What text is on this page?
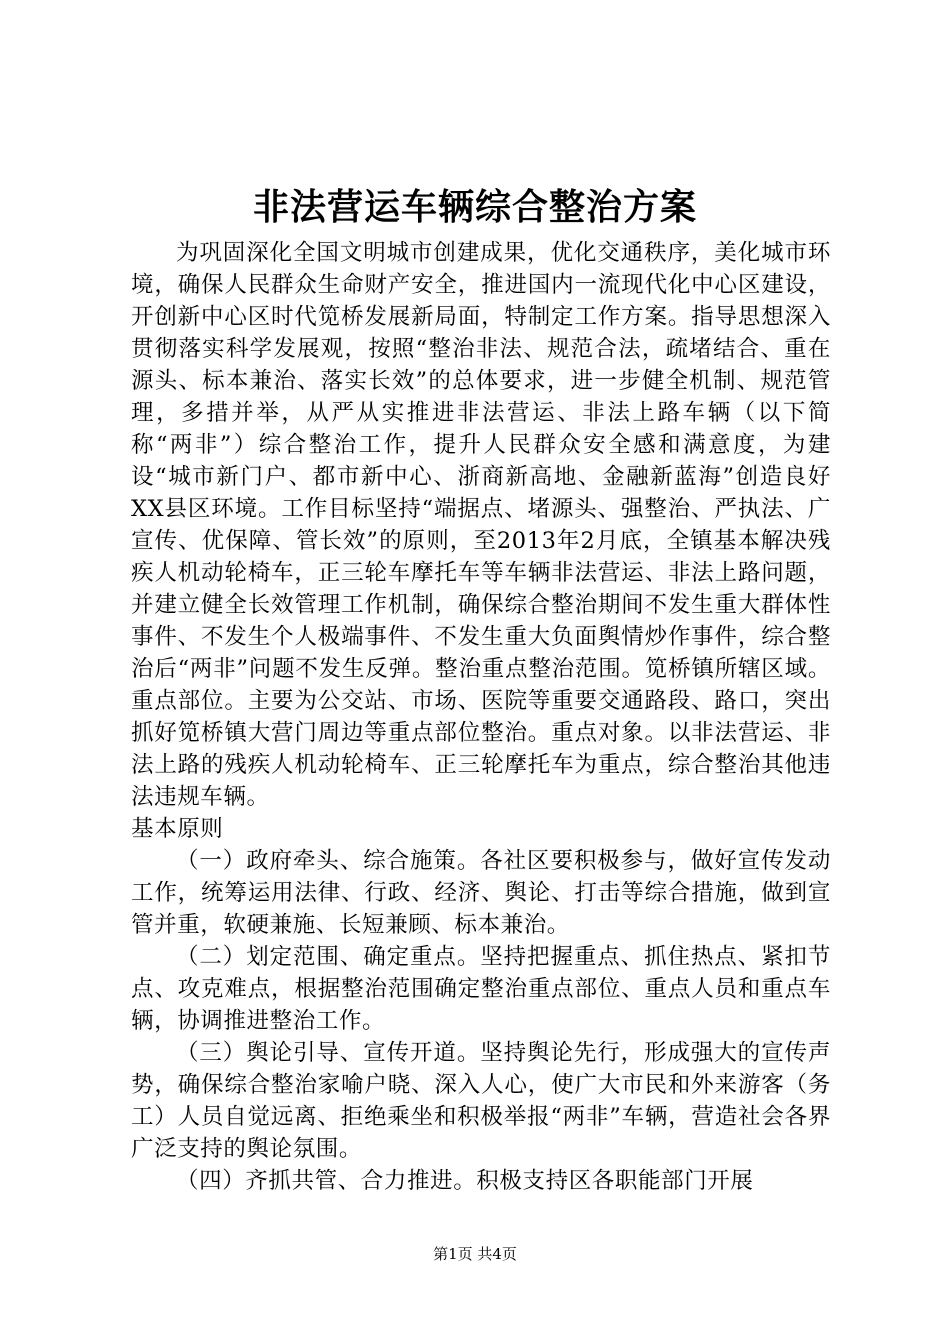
非法营运车辆综合整治方案

为巩固深化全国文明城市创建成果，优化交通秩序，美化城市环境，确保人民群众生命财产安全，推进国内一流现代化中心区建设，开创新中心区时代笕桥发展新局面，特制定工作方案。指导思想深入贯彻落实科学发展观，按照“整治非法、规范合法，疏堵结合、重在源头、标本兼治、落实长效”的总体要求，进一步健全机制、规范管理，多措并举，从严从实推进非法营运、非法上路车辆（以下简称“两非”）综合整治工作，提升人民群众安全感和满意度，为建设“城市新门户、都市新中心、浙商新高地、金融新蓝海”创造良好XX县区环境。工作目标坚持“端据点、堵源头、强整治、严执法、广宣传、优保障、管长效”的原则，至2013年2月底，全镇基本解决残疾人机动轮椅车，正三轮车摩托车等车辆非法营运、非法上路问题，并建立健全长效管理工作机制，确保综合整治期间不发生重大群体性事件、不发生个人极端事件、不发生重大负面舆情炒作事件，综合整治后“两非”问题不发生反弹。整治重点整治范围。笕桥镇所辖区域。重点部位。主要为公交站、市场、医院等重要交通路段、路口，突出抓好笕桥镇大营门周边等重点部位整治。重点对象。以非法营运、非法上路的残疾人机动轮椅车、正三轮摩托车为重点，综合整治其他违法违规车辆。

基本原则

（一）政府牵头、综合施策。各社区要积极参与，做好宣传发动工作，统筹运用法律、行政、经济、舆论、打击等综合措施，做到宣管并重，软硬兼施、长短兼顾、标本兼治。

（二）划定范围、确定重点。坚持把握重点、抓住热点、紧扣节点、攻克难点，根据整治范围确定整治重点部位、重点人员和重点车辆，协调推进整治工作。

（三）舆论引导、宣传开道。坚持舆论先行，形成强大的宣传声势，确保综合整治家喻户晓、深入人心，使广大市民和外来游客（务工）人员自觉远离、拒绝乘坐和积极举报“两非”车辆，营造社会各界广泛支持的舆论氛围。

（四）齐抓共管、合力推进。积极支持区各职能部门开展

第1页 共4页
